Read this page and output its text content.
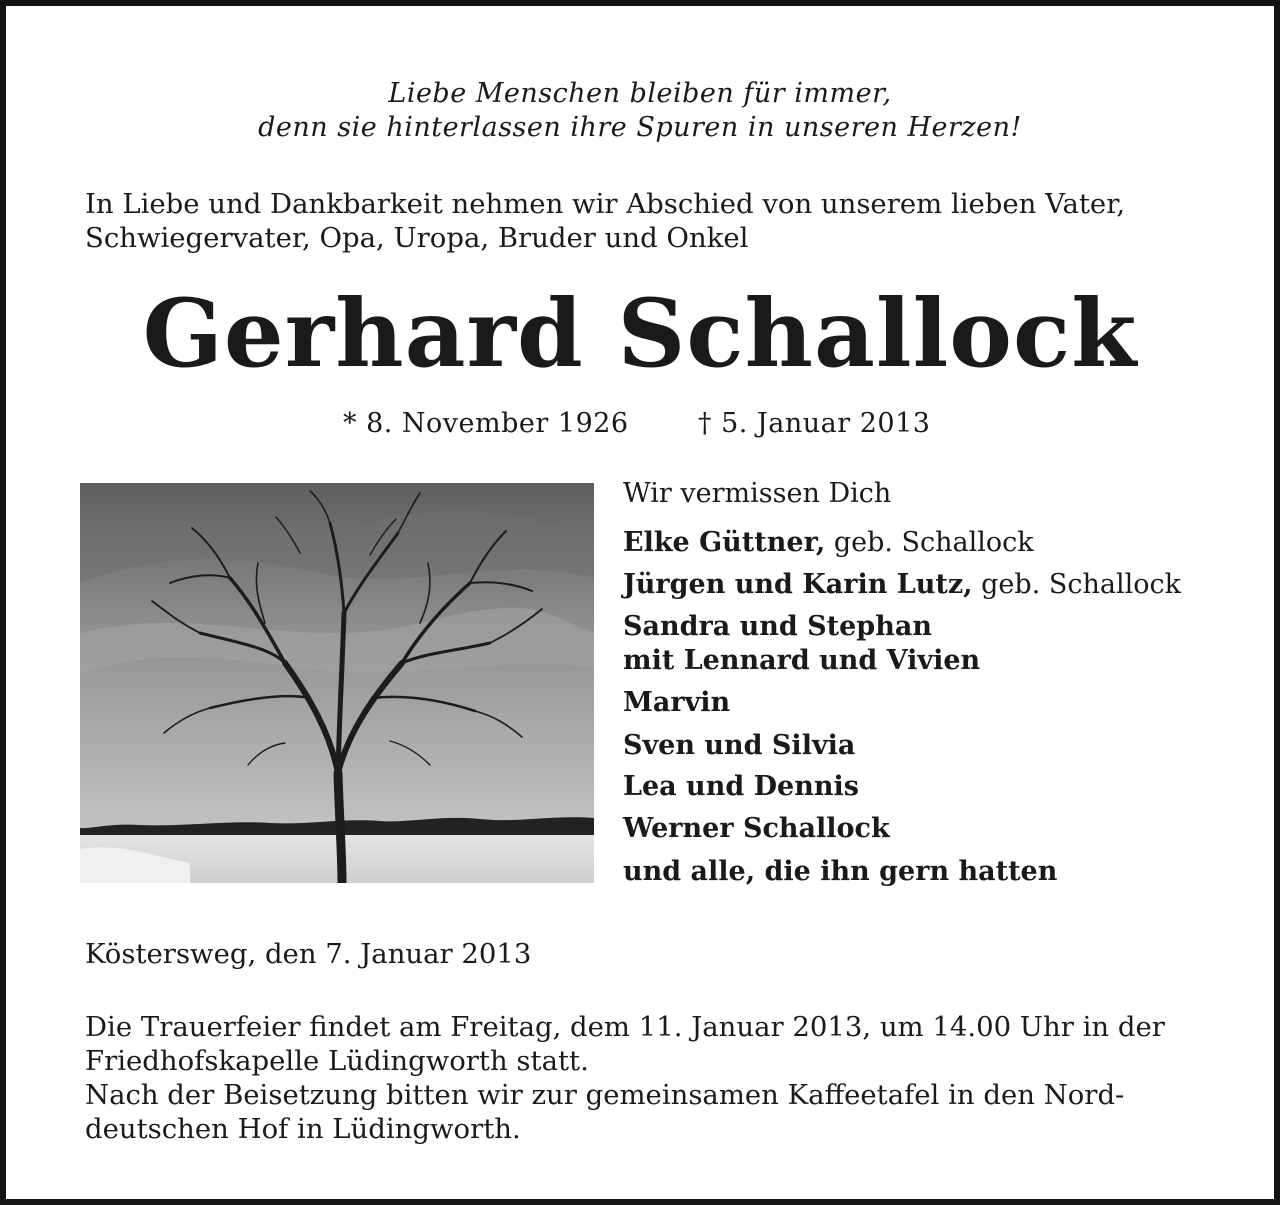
Liebe Menschen bleiben für immer,
denn sie hinterlassen ihre Spuren in unseren Herzen!
In Liebe und Dankbarkeit nehmen wir Abschied von unserem lieben Vater,
Schwiegervater, Opa, Uropa, Bruder und Onkel
Gerhard Schallock
* 8. November 1926	† 5. Januar 2013
Wir vermissen Dich
Elke Güttner, geb. Schallock
Jürgen und Karin Lutz, geb. Schallock
Sandra und Stephan
mit Lennard und Vivien
Marvin
Sven und Silvia
Lea und Dennis
Werner Schallock
und alle, die ihn gern hatten
Köstersweg, den 7. Januar 2013
Die Trauerfeier findet am Freitag, dem 11. Januar 2013, um 14.00 Uhr in der
Friedhofskapelle Lüdingworth statt.
Nach der Beisetzung bitten wir zur gemeinsamen Kaffeetafel in den Nord-
deutschen Hof in Lüdingworth.
